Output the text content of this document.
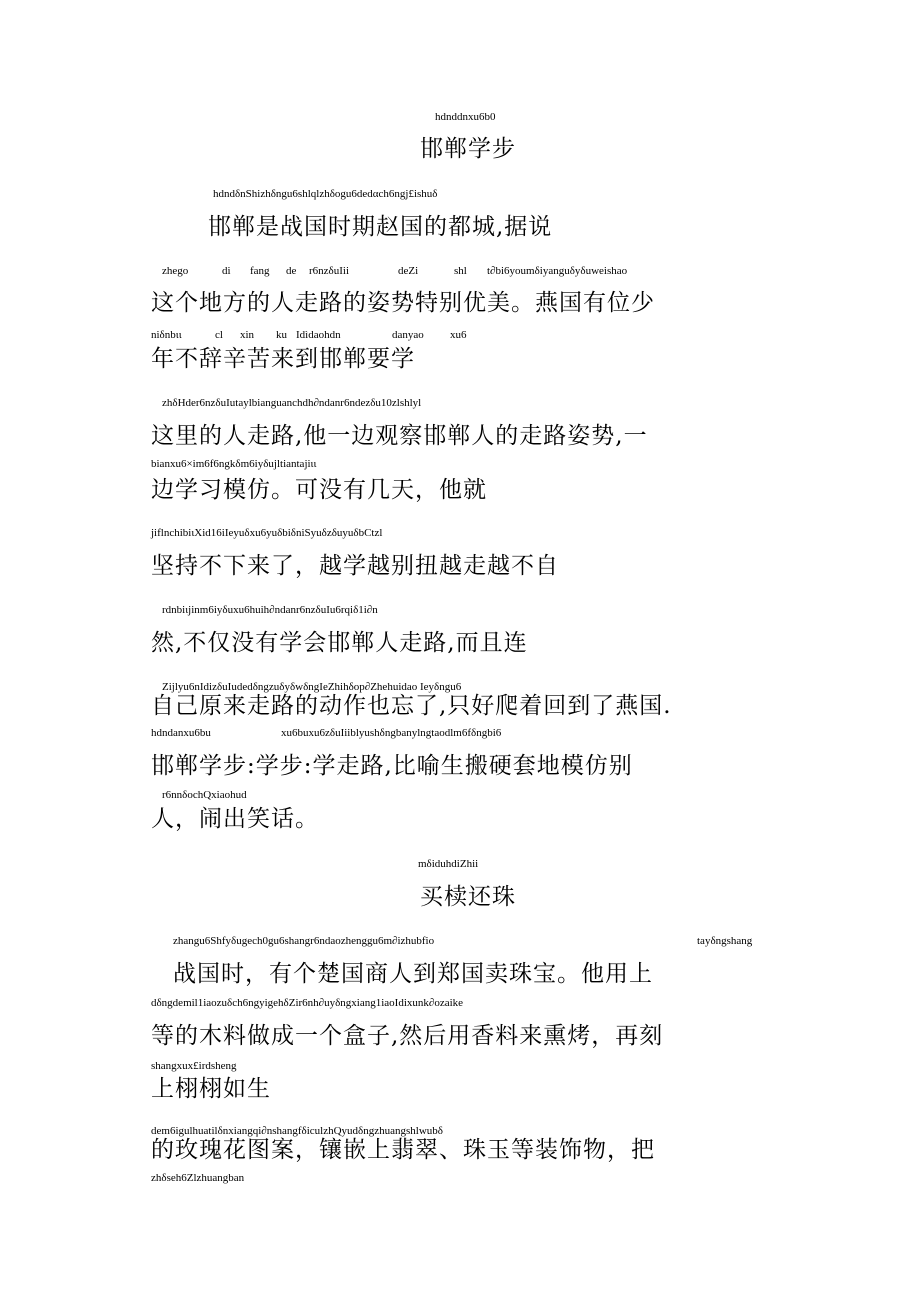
hdnddnxu6b0
邯郸学步
hdndδnShizhδngu6shlqlzhδogu6dedαch6ngj£ishuδ
邯郸是战国时期赵国的都城,据说
zhego	di fang de r6nzδuIii	deZi	shl t∂bi6youmδiyanguδyδuweishao
这个地方的人走路的姿势特别优美。燕国有位少
niδnbιι	cl xin ku Idìdaohdn	danyao xu6
年不辞辛苦来到邯郸要学
zhδHder6nzδuIutaylbianguanchdh∂ndanr6ndezδu10zlshlyl
这里的人走路,他一边观察邯郸人的走路姿势,一
bianxu6×im6f6ngkδm6iyδujltiantajiιι
边学习模仿。可没有几天，他就
jiflnchibiιXid16iIeyuδxu6yuδbiδniSyuδzδuyuδbCtzl
坚持不下来了，越学越别扭越走越不自
rdnbiιjinm6iyδuxu6huih∂ndanr6nzδuIu6rqiδ1i∂n
然,不仅没有学会邯郸人走路,而且连
Zijlyu6nIdizδuIudedδngzuδyδwδngIeZhihδop∂Zhehuidao Ieyδngu6
自己原来走路的动作也忘了,只好爬着回到了燕国.
hdndanxu6bu	xu6buxu6zδuIiiblyushδngbanylngtaodlm6fδngbi6
邯郸学步:学步:学走路,比喻生搬硬套地模仿别
r6nnδochQxiaohud
人，闹出笑话。
mδiduhdiZhii
买椟还珠
zhangu6Shfyδugech0gu6shangr6ndaozhenggu6m∂izhubfio	tayδngshang
战国时，有个楚国商人到郑国卖珠宝。他用上
dδngdemil1iaozuδch6ngyigehδZir6nh∂uyδngxiang1iaoIdixunk∂ozaike
等的木料做成一个盒子,然后用香料来熏烤，再刻
shangxux£irdsheng
上栩栩如生
dem6igulhuatilδnxiangqi∂nshangfδiculzhQyudδngzhuangshlwubδ
的玫瑰花图案，镶嵌上翡翠、珠玉等装饰物，把
zhδseh6Zlzhuangban
